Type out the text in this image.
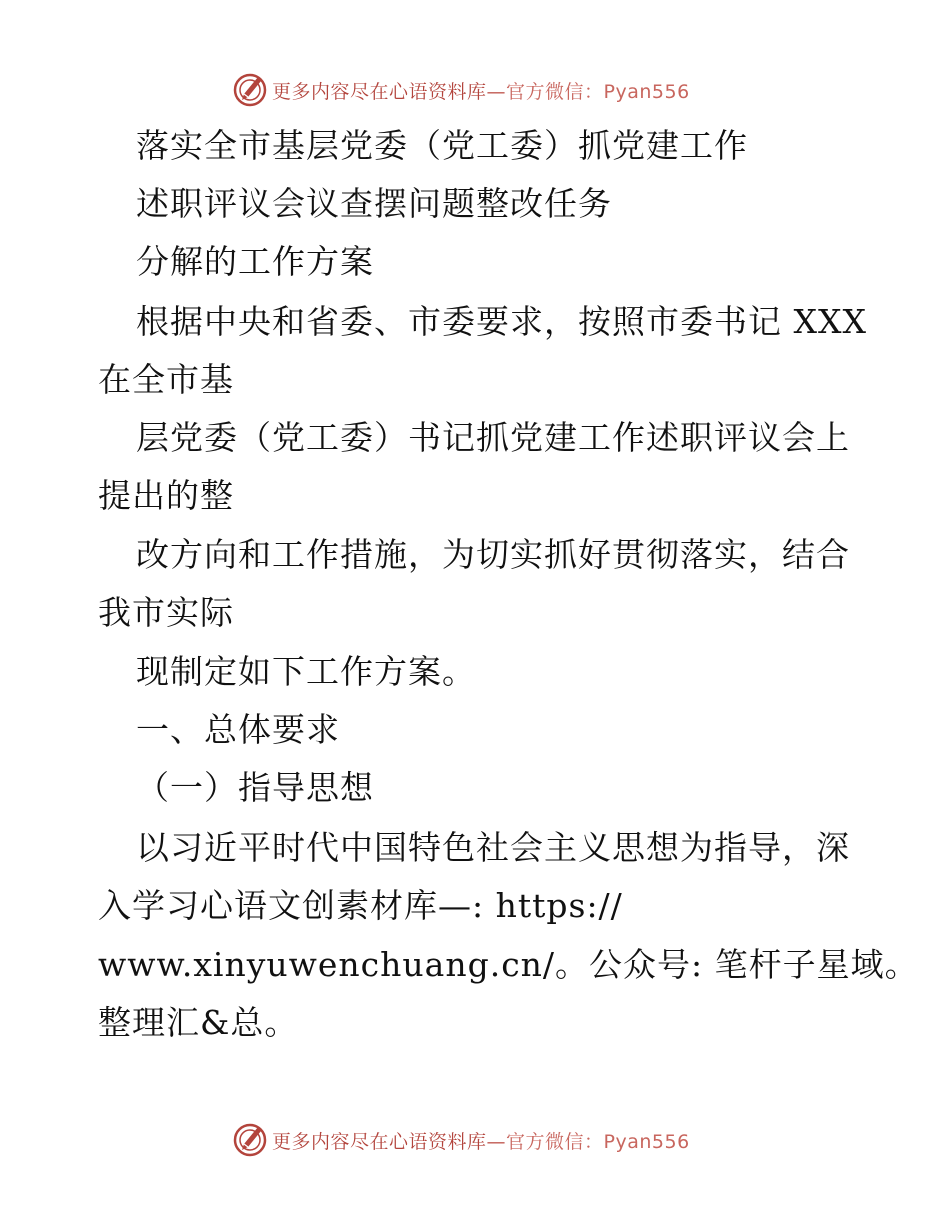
更多内容尽在心语资料库—官方微信：Pyan556
落实全市基层党委（党工委）抓党建工作
述职评议会议查摆问题整改任务
分解的工作方案
根据中央和省委、市委要求，按照市委书记 XXX
在全市基
层党委（党工委）书记抓党建工作述职评议会上
提出的整
改方向和工作措施，为切实抓好贯彻落实，结合
我市实际
现制定如下工作方案。
一、总体要求
（一）指导思想
以习近平时代中国特色社会主义思想为指导，深
入学习心语文创素材库—: https://
www.xinyuwenchuang.cn/。公众号: 笔杆子星域。
整理汇&总。
更多内容尽在心语资料库—官方微信：Pyan556
